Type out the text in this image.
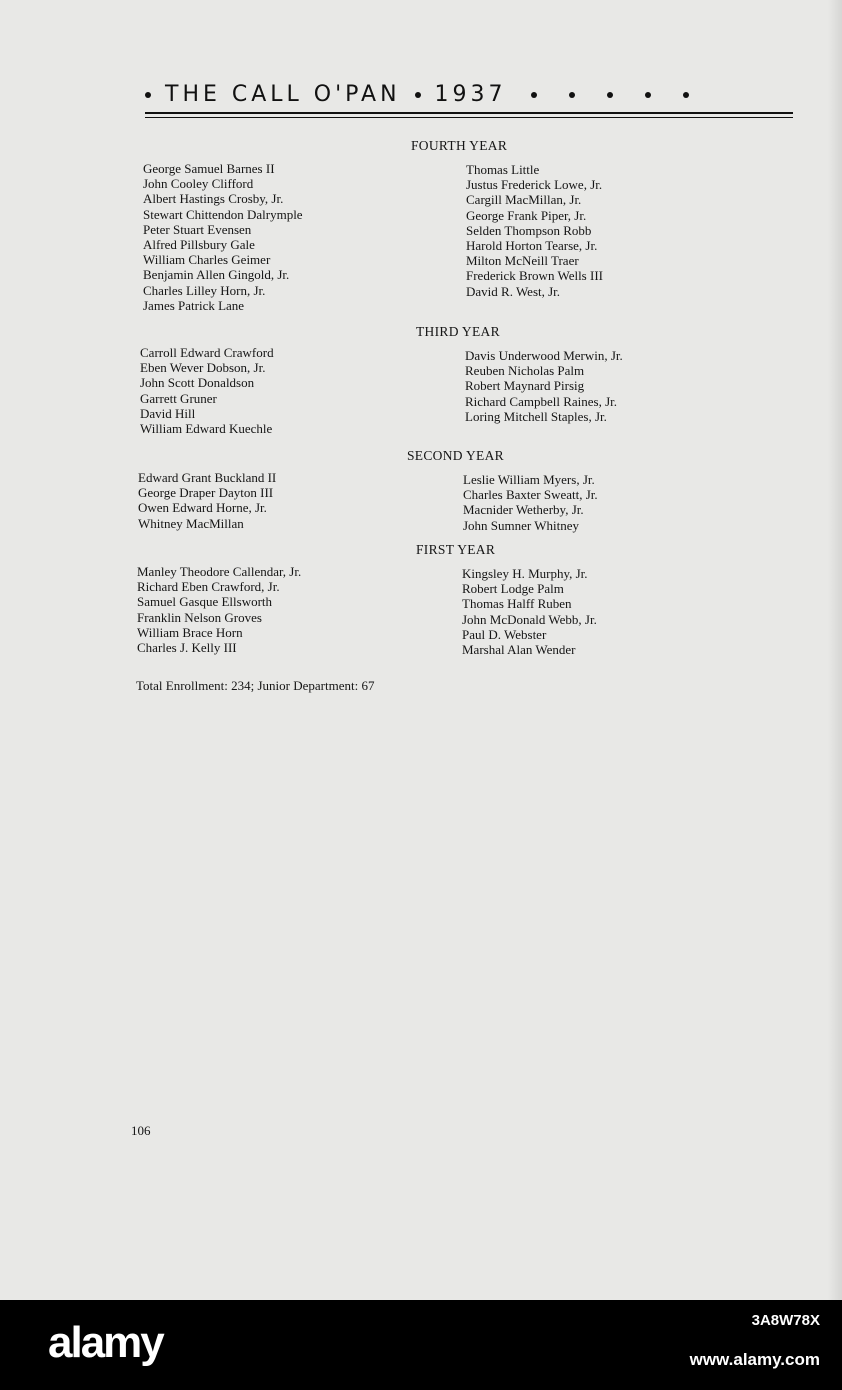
THE CALL O'PAN 1937
George Samuel Barnes II
John Cooley Clifford
Albert Hastings Crosby, Jr.
Stewart Chittendon Dalrymple
Peter Stuart Evensen
Alfred Pillsbury Gale
William Charles Geimer
Benjamin Allen Gingold, Jr.
Charles Lilley Horn, Jr.
James Patrick Lane
Carroll Edward Crawford
Eben Wever Dobson, Jr.
John Scott Donaldson
Garrett Gruner
David Hill
William Edward Kuechle
Edward Grant Buckland II
George Draper Dayton III
Owen Edward Horne, Jr.
Whitney MacMillan
Manley Theodore Callendar, Jr.
Richard Eben Crawford, Jr.
Samuel Gasque Ellsworth
Franklin Nelson Groves
William Brace Horn
Charles J. Kelly III
FOURTH YEAR
Thomas Little
Justus Frederick Lowe, Jr.
Cargill MacMillan, Jr.
George Frank Piper, Jr.
Selden Thompson Robb
Harold Horton Tearse, Jr.
Milton McNeill Traer
Frederick Brown Wells III
David R. West, Jr.
THIRD YEAR
Davis Underwood Merwin, Jr.
Reuben Nicholas Palm
Robert Maynard Pirsig
Richard Campbell Raines, Jr.
Loring Mitchell Staples, Jr.
SECOND YEAR
Leslie William Myers, Jr.
Charles Baxter Sweatt, Jr.
Macnider Wetherby, Jr.
John Sumner Whitney
FIRST YEAR
Kingsley H. Murphy, Jr.
Robert Lodge Palm
Thomas Halff Ruben
John McDonald Webb, Jr.
Paul D. Webster
Marshal Alan Wender
Total Enrollment: 234; Junior Department: 67
106
alamy	3A8W78X
www.alamy.com
